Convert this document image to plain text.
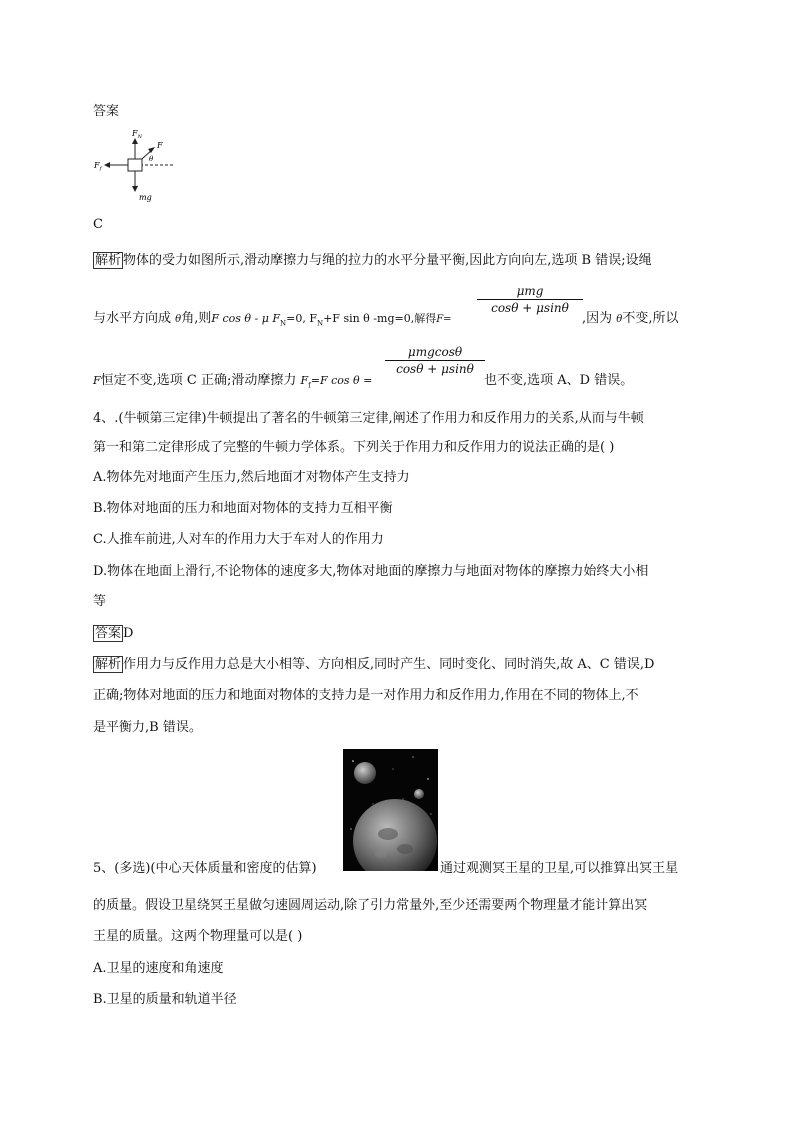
答案
$F_N$
F
θ
$F_f$
mg
C
解析 物体的受力如图所示,滑动摩擦力与绳的拉力的水平分量平衡,因此方向向左,选项 B 错误;设绳
与水平方向成 θ角,则F cos θ - μ $F_N=0$, $F_N+F$ sin θ -mg=0,解得F=
μmg
cosθ + μsinθ
,因为 θ不变,所以
F恒定不变,选项 C 正确;滑动摩擦力 $F_f=F$ cos θ =
μmgcosθ
cosθ + μsinθ
也不变,选项 A、D 错误。
4、.(牛顿第三定律)牛顿提出了著名的牛顿第三定律,阐述了作用力和反作用力的关系,从而与牛顿
第一和第二定律形成了完整的牛顿力学体系。下列关于作用力和反作用力的说法正确的是( )
A.物体先对地面产生压力,然后地面才对物体产生支持力
B.物体对地面的压力和地面对物体的支持力互相平衡
C.人推车前进,人对车的作用力大于车对人的作用力
D.物体在地面上滑行,不论物体的速度多大,物体对地面的摩擦力与地面对物体的摩擦力始终大小相
等
答案 D
解析 作用力与反作用力总是大小相等、方向相反,同时产生、同时变化、同时消失,故 A、C 错误,D
正确;物体对地面的压力和地面对物体的支持力是一对作用力和反作用力,作用在不同的物体上,不
是平衡力,B 错误。
5、(多选)(中心天体质量和密度的估算)	通过观测冥王星的卫星,可以推算出冥王星
的质量。假设卫星绕冥王星做匀速圆周运动,除了引力常量外,至少还需要两个物理量才能计算出冥
王星的质量。这两个物理量可以是( )
A.卫星的速度和角速度
B.卫星的质量和轨道半径
